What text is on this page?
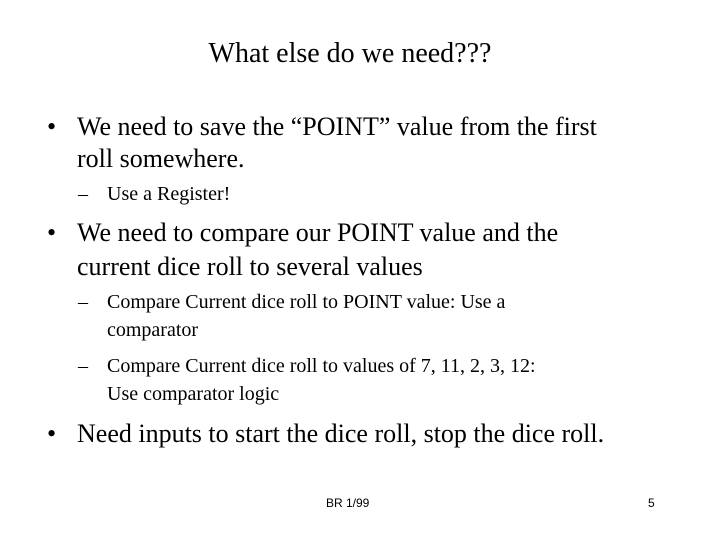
What else do we need???
• We need to save the “POINT” value from the first
roll somewhere.
– Use a Register!
• We need to compare our POINT value and the
current dice roll to several values
– Compare Current dice roll to POINT value: Use a
comparator
– Compare Current dice roll to values of 7, 11, 2, 3, 12:
Use comparator logic
• Need inputs to start the dice roll, stop the dice roll.
BR 1/99	5
